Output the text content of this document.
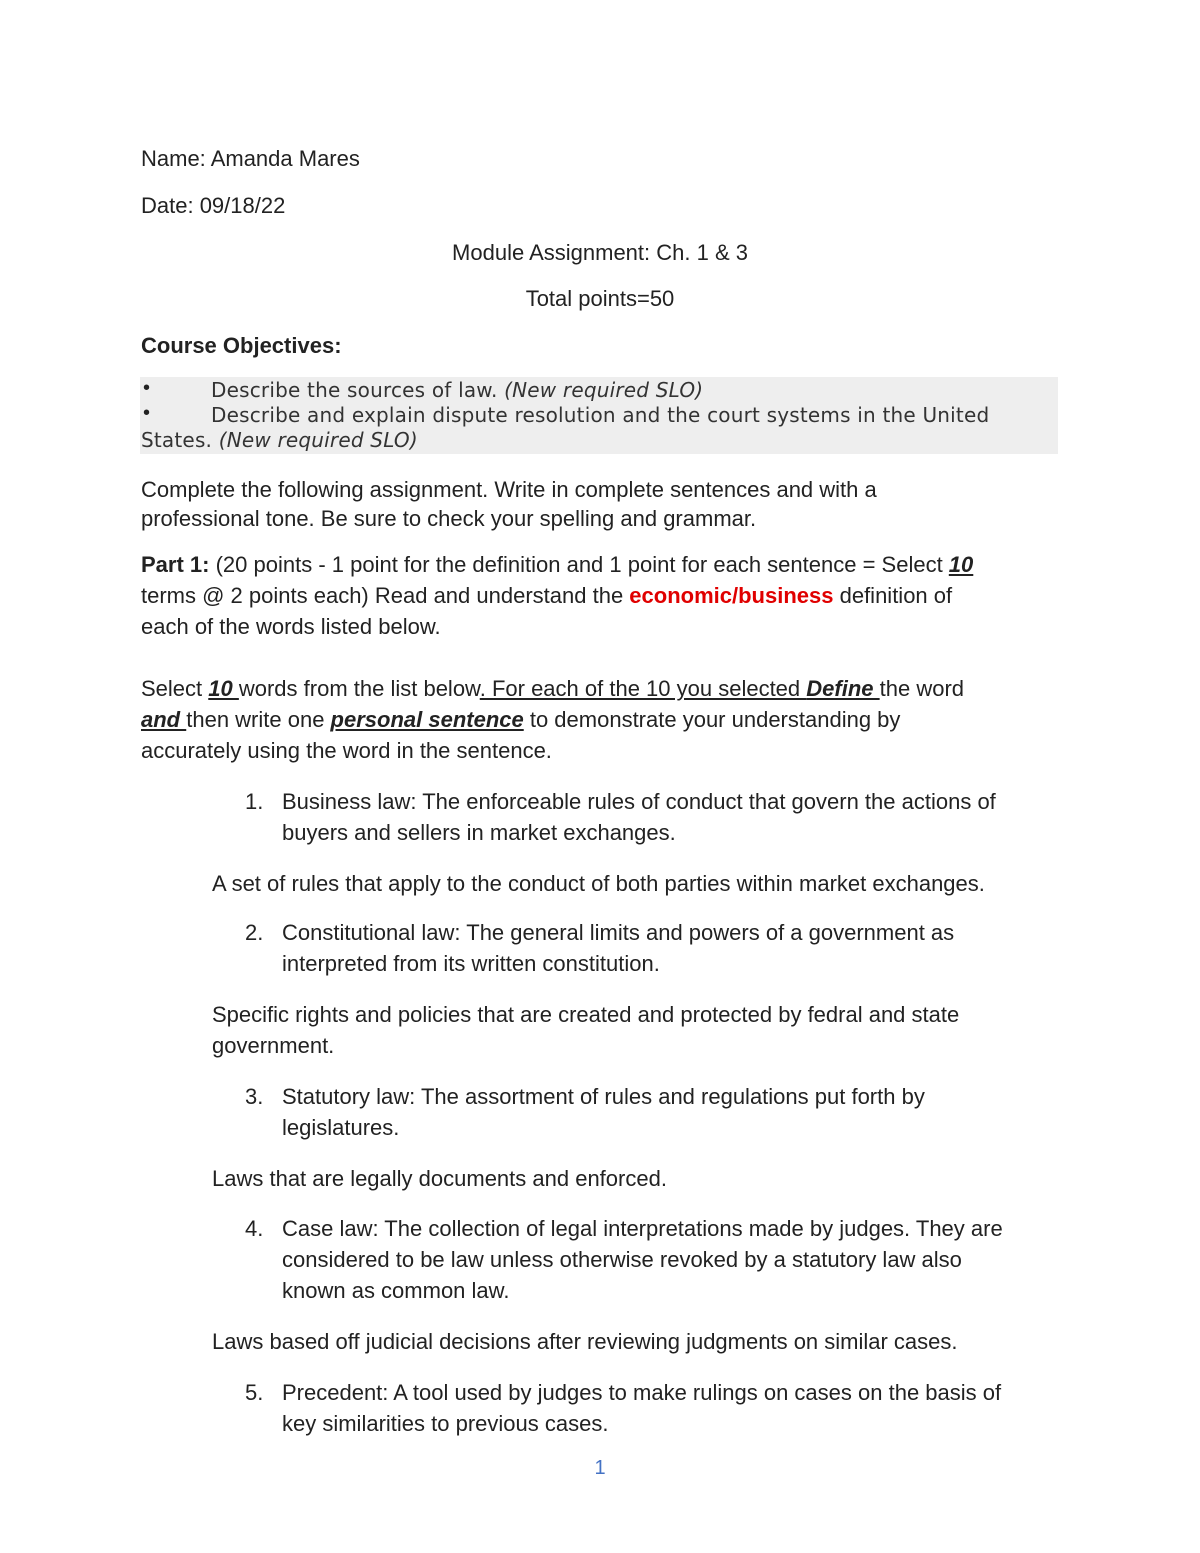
Name: Amanda Mares
Date: 09/18/22
Module Assignment: Ch. 1 & 3
Total points=50
Course Objectives:
•	Describe the sources of law. (New required SLO)
•	Describe and explain dispute resolution and the court systems in the United
States. (New required SLO)
Complete the following assignment. Write in complete sentences and with a
professional tone. Be sure to check your spelling and grammar.
Part 1: (20 points - 1 point for the definition and 1 point for each sentence = Select 10
terms @ 2 points each) Read and understand the economic/business definition of
each of the words listed below.
Select 10 words from the list below. For each of the 10 you selected Define the word
and then write one personal sentence to demonstrate your understanding by
accurately using the word in the sentence.
1. Business law: The enforceable rules of conduct that govern the actions of
buyers and sellers in market exchanges.
A set of rules that apply to the conduct of both parties within market exchanges.
2. Constitutional law: The general limits and powers of a government as
interpreted from its written constitution.
Specific rights and policies that are created and protected by fedral and state
government.
3. Statutory law: The assortment of rules and regulations put forth by
legislatures.
Laws that are legally documents and enforced.
4. Case law: The collection of legal interpretations made by judges. They are
considered to be law unless otherwise revoked by a statutory law also
known as common law.
Laws based off judicial decisions after reviewing judgments on similar cases.
5. Precedent: A tool used by judges to make rulings on cases on the basis of
key similarities to previous cases.
1
